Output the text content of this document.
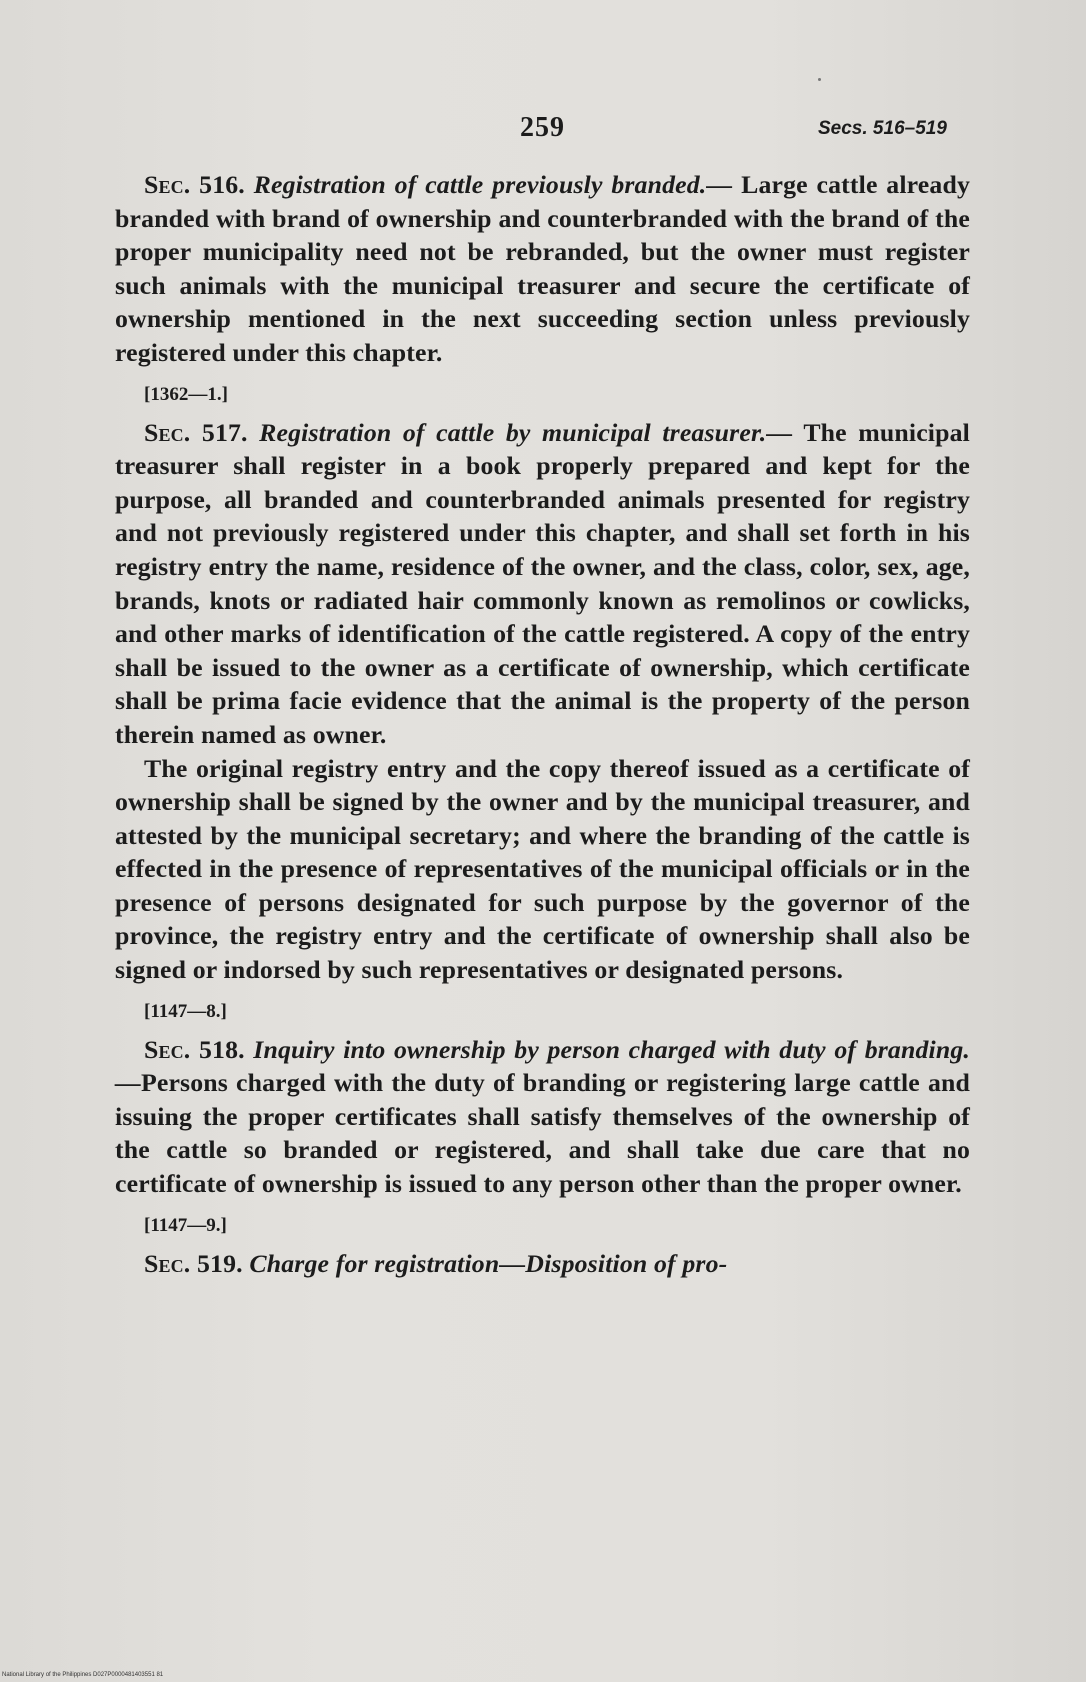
259	Secs. 516–519

Sec. 516. Registration of cattle previously branded.— Large cattle already branded with brand of ownership and counterbranded with the brand of the proper municipality need not be rebranded, but the owner must register such animals with the municipal treasurer and secure the certificate of ownership mentioned in the next succeeding section unless previously registered under this chapter.

[1362—1.]

Sec. 517. Registration of cattle by municipal treasurer.— The municipal treasurer shall register in a book properly prepared and kept for the purpose, all branded and counterbranded animals presented for registry and not previously registered under this chapter, and shall set forth in his registry entry the name, residence of the owner, and the class, color, sex, age, brands, knots or radiated hair commonly known as remolinos or cowlicks, and other marks of identification of the cattle registered. A copy of the entry shall be issued to the owner as a certificate of ownership, which certificate shall be prima facie evidence that the animal is the property of the person therein named as owner.

The original registry entry and the copy thereof issued as a certificate of ownership shall be signed by the owner and by the municipal treasurer, and attested by the municipal secretary; and where the branding of the cattle is effected in the presence of representatives of the municipal officials or in the presence of persons designated for such purpose by the governor of the province, the registry entry and the certificate of ownership shall also be signed or indorsed by such representatives or designated persons.

[1147—8.]

Sec. 518. Inquiry into ownership by person charged with duty of branding.—Persons charged with the duty of branding or registering large cattle and issuing the proper certificates shall satisfy themselves of the ownership of the cattle so branded or registered, and shall take due care that no certificate of ownership is issued to any person other than the proper owner.

[1147—9.]

Sec. 519. Charge for registration—Disposition of pro-

National Library of the Philippines D027P0000481403551 81
